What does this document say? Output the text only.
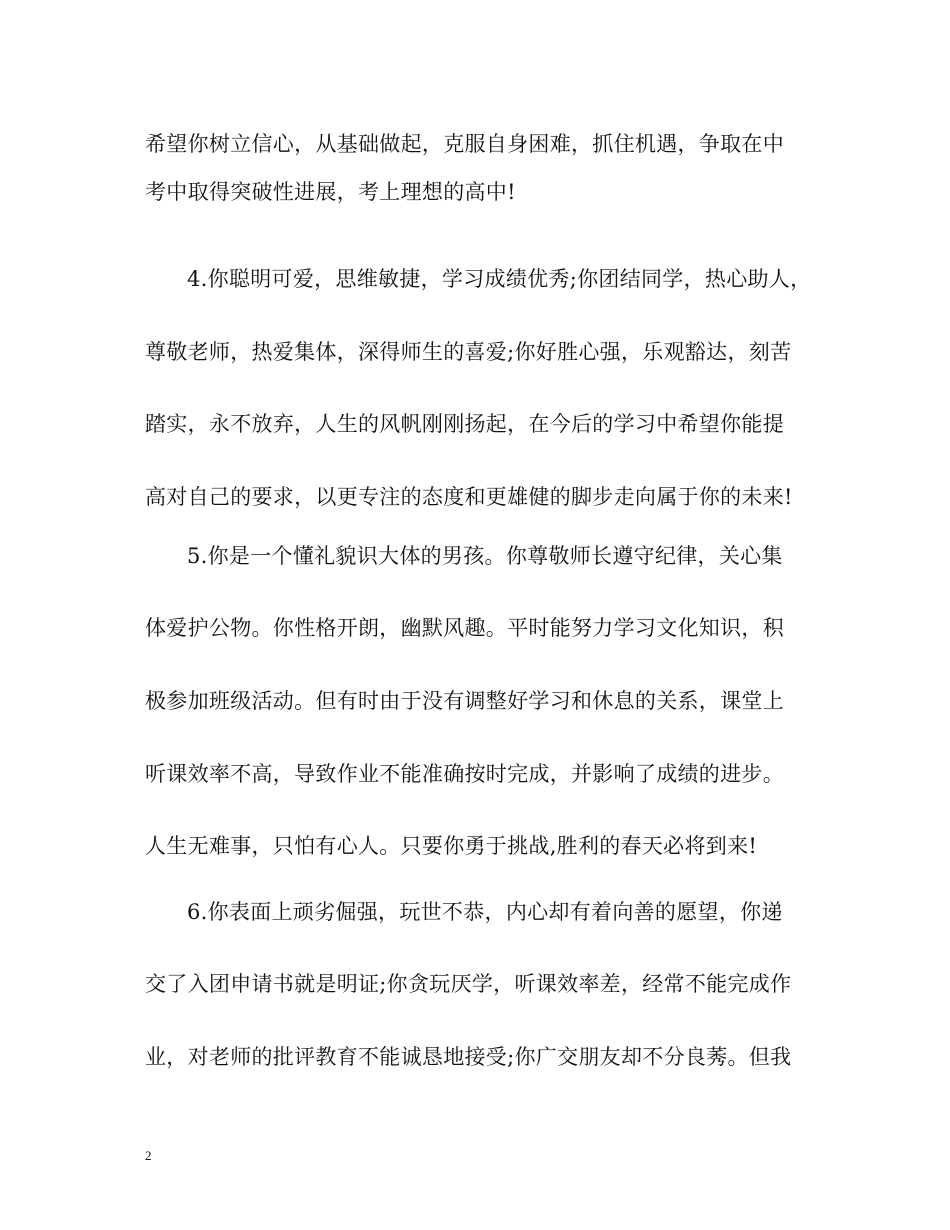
希望你树立信心，从基础做起，克服自身困难，抓住机遇，争取在中
考中取得突破性进展，考上理想的高中!
4.你聪明可爱，思维敏捷，学习成绩优秀;你团结同学，热心助人，
尊敬老师，热爱集体，深得师生的喜爱;你好胜心强，乐观豁达，刻苦
踏实，永不放弃，人生的风帆刚刚扬起，在今后的学习中希望你能提
高对自己的要求，以更专注的态度和更雄健的脚步走向属于你的未来!
5.你是一个懂礼貌识大体的男孩。你尊敬师长遵守纪律，关心集
体爱护公物。你性格开朗，幽默风趣。平时能努力学习文化知识，积
极参加班级活动。但有时由于没有调整好学习和休息的关系，课堂上
听课效率不高，导致作业不能准确按时完成，并影响了成绩的进步。
人生无难事，只怕有心人。只要你勇于挑战,胜利的春天必将到来!
6.你表面上顽劣倔强，玩世不恭，内心却有着向善的愿望，你递
交了入团申请书就是明证;你贪玩厌学，听课效率差，经常不能完成作
业，对老师的批评教育不能诚恳地接受;你广交朋友却不分良莠。但我
2
